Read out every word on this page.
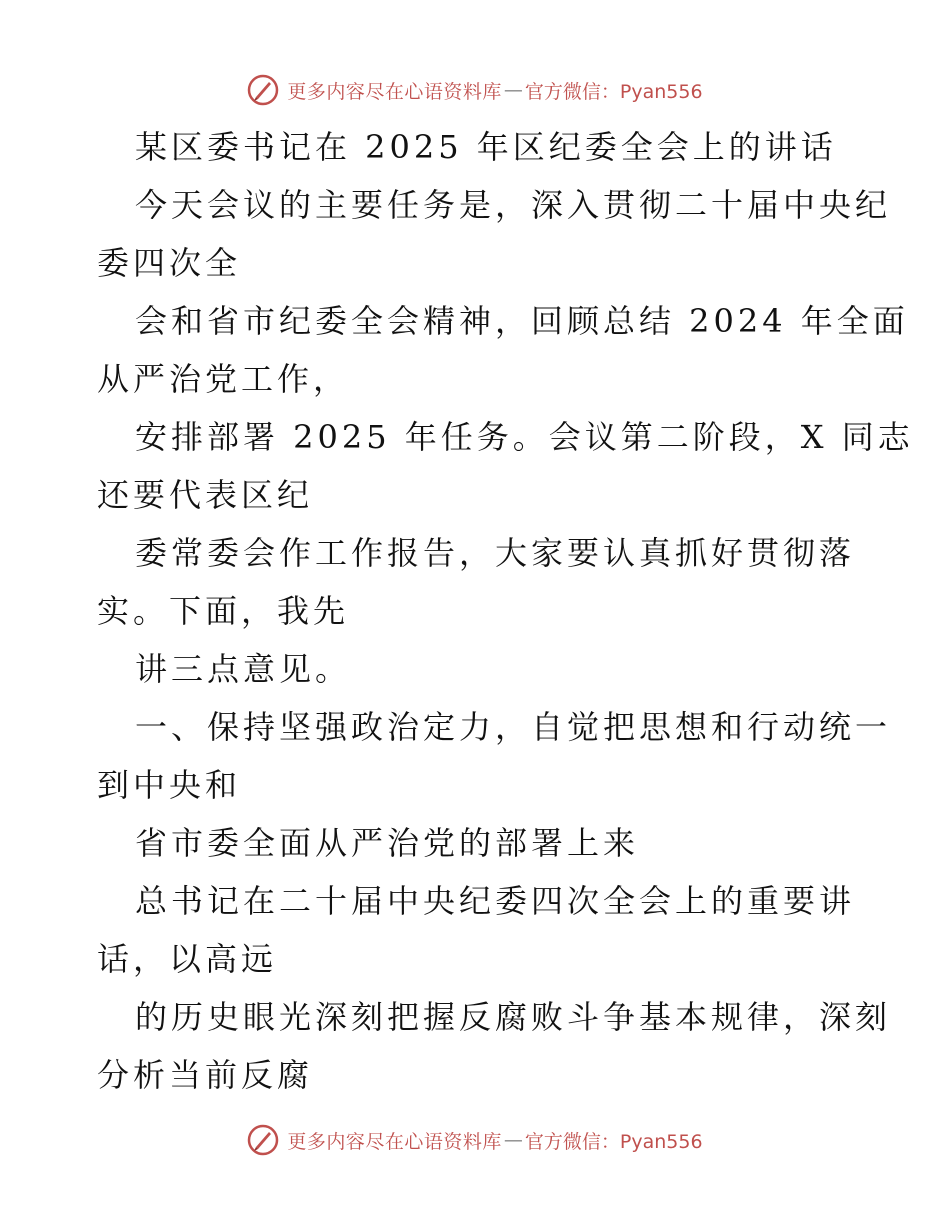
更多内容尽在心语资料库 — 官方微信：Pyan556
某区委书记在 2025 年区纪委全会上的讲话
今天会议的主要任务是，深入贯彻二十届中央纪
委四次全
会和省市纪委全会精神，回顾总结 2024 年全面
从严治党工作，
安排部署 2025 年任务。会议第二阶段，X 同志
还要代表区纪
委常委会作工作报告，大家要认真抓好贯彻落
实。下面，我先
讲三点意见。
一、保持坚强政治定力，自觉把思想和行动统一
到中央和
省市委全面从严治党的部署上来
总书记在二十届中央纪委四次全会上的重要讲
话，以高远
的历史眼光深刻把握反腐败斗争基本规律，深刻
分析当前反腐
更多内容尽在心语资料库 — 官方微信：Pyan556
